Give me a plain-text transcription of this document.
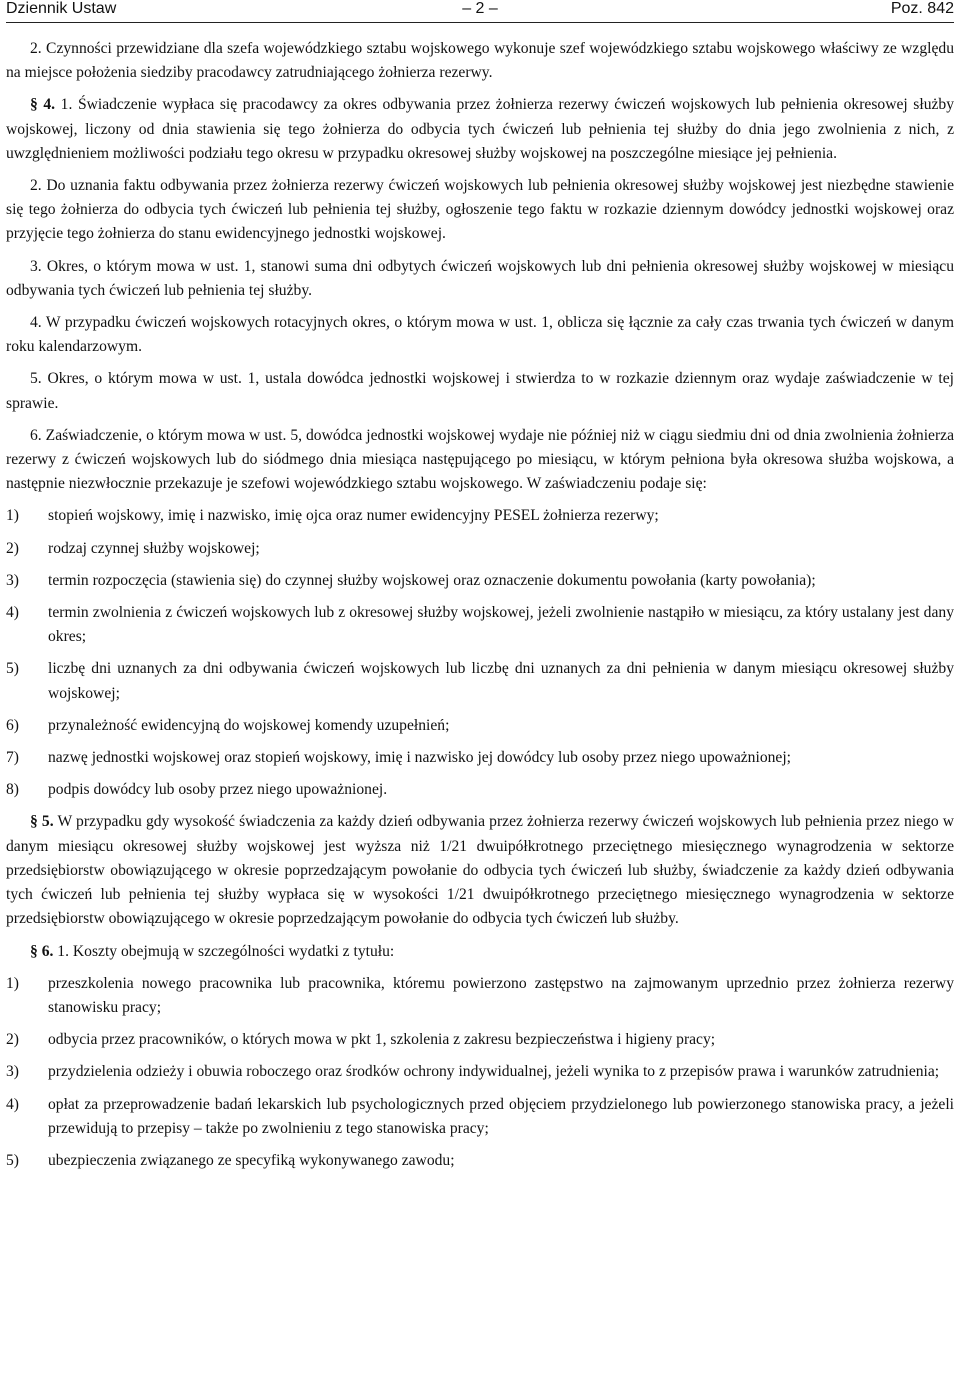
Dziennik Ustaw	– 2 –	Poz. 842

2. Czynności przewidziane dla szefa wojewódzkiego sztabu wojskowego wykonuje szef wojewódzkiego sztabu wojskowego właściwy ze względu na miejsce położenia siedziby pracodawcy zatrudniającego żołnierza rezerwy.

§ 4. 1. Świadczenie wypłaca się pracodawcy za okres odbywania przez żołnierza rezerwy ćwiczeń wojskowych lub pełnienia okresowej służby wojskowej, liczony od dnia stawienia się tego żołnierza do odbycia tych ćwiczeń lub pełnienia tej służby do dnia jego zwolnienia z nich, z uwzględnieniem możliwości podziału tego okresu w przypadku okresowej służby wojskowej na poszczególne miesiące jej pełnienia.

2. Do uznania faktu odbywania przez żołnierza rezerwy ćwiczeń wojskowych lub pełnienia okresowej służby wojskowej jest niezbędne stawienie się tego żołnierza do odbycia tych ćwiczeń lub pełnienia tej służby, ogłoszenie tego faktu w rozkazie dziennym dowódcy jednostki wojskowej oraz przyjęcie tego żołnierza do stanu ewidencyjnego jednostki wojskowej.

3. Okres, o którym mowa w ust. 1, stanowi suma dni odbytych ćwiczeń wojskowych lub dni pełnienia okresowej służby wojskowej w miesiącu odbywania tych ćwiczeń lub pełnienia tej służby.

4. W przypadku ćwiczeń wojskowych rotacyjnych okres, o którym mowa w ust. 1, oblicza się łącznie za cały czas trwania tych ćwiczeń w danym roku kalendarzowym.

5. Okres, o którym mowa w ust. 1, ustala dowódca jednostki wojskowej i stwierdza to w rozkazie dziennym oraz wydaje zaświadczenie w tej sprawie.

6. Zaświadczenie, o którym mowa w ust. 5, dowódca jednostki wojskowej wydaje nie później niż w ciągu siedmiu dni od dnia zwolnienia żołnierza rezerwy z ćwiczeń wojskowych lub do siódmego dnia miesiąca następującego po miesiącu, w którym pełniona była okresowa służba wojskowa, a następnie niezwłocznie przekazuje je szefowi wojewódzkiego sztabu wojskowego. W zaświadczeniu podaje się:

1)	stopień wojskowy, imię i nazwisko, imię ojca oraz numer ewidencyjny PESEL żołnierza rezerwy;
2)	rodzaj czynnej służby wojskowej;
3)	termin rozpoczęcia (stawienia się) do czynnej służby wojskowej oraz oznaczenie dokumentu powołania (karty powołania);
4)	termin zwolnienia z ćwiczeń wojskowych lub z okresowej służby wojskowej, jeżeli zwolnienie nastąpiło w miesiącu, za który ustalany jest dany okres;
5)	liczbę dni uznanych za dni odbywania ćwiczeń wojskowych lub liczbę dni uznanych za dni pełnienia w danym miesiącu okresowej służby wojskowej;
6)	przynależność ewidencyjną do wojskowej komendy uzupełnień;
7)	nazwę jednostki wojskowej oraz stopień wojskowy, imię i nazwisko jej dowódcy lub osoby przez niego upoważnionej;
8)	podpis dowódcy lub osoby przez niego upoważnionej.

§ 5. W przypadku gdy wysokość świadczenia za każdy dzień odbywania przez żołnierza rezerwy ćwiczeń wojskowych lub pełnienia przez niego w danym miesiącu okresowej służby wojskowej jest wyższa niż 1/21 dwuipółkrotnego przeciętnego miesięcznego wynagrodzenia w sektorze przedsiębiorstw obowiązującego w okresie poprzedzającym powołanie do odbycia tych ćwiczeń lub służby, świadczenie za każdy dzień odbywania tych ćwiczeń lub pełnienia tej służby wypłaca się w wysokości 1/21 dwuipółkrotnego przeciętnego miesięcznego wynagrodzenia w sektorze przedsiębiorstw obowiązującego w okresie poprzedzającym powołanie do odbycia tych ćwiczeń lub służby.

§ 6. 1. Koszty obejmują w szczególności wydatki z tytułu:

1)	przeszkolenia nowego pracownika lub pracownika, któremu powierzono zastępstwo na zajmowanym uprzednio przez żołnierza rezerwy stanowisku pracy;
2)	odbycia przez pracowników, o których mowa w pkt 1, szkolenia z zakresu bezpieczeństwa i higieny pracy;
3)	przydzielenia odzieży i obuwia roboczego oraz środków ochrony indywidualnej, jeżeli wynika to z przepisów prawa i warunków zatrudnienia;
4)	opłat za przeprowadzenie badań lekarskich lub psychologicznych przed objęciem przydzielonego lub powierzonego stanowiska pracy, a jeżeli przewidują to przepisy – także po zwolnieniu z tego stanowiska pracy;
5)	ubezpieczenia związanego ze specyfiką wykonywanego zawodu;
